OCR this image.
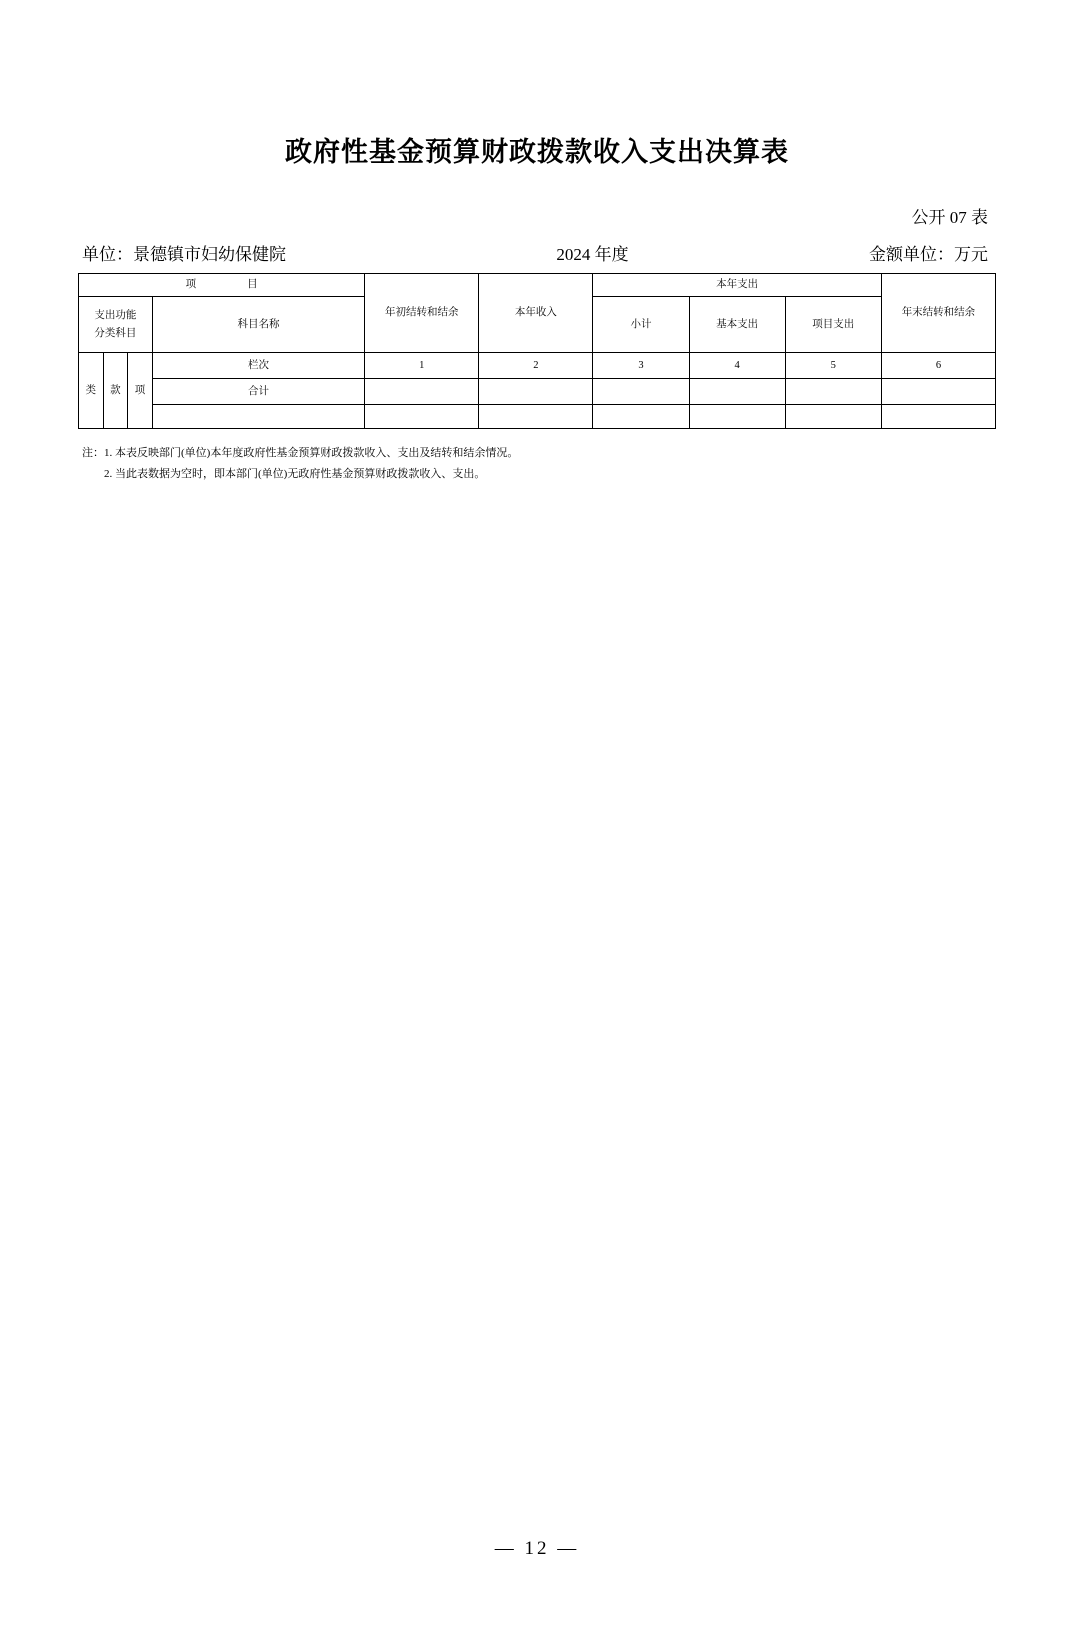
政府性基金预算财政拨款收入支出决算表
公开 07 表
单位：景德镇市妇幼保健院	2024 年度	金额单位：万元
项　　目				年初结转和结余	本年收入	本年支出			年末结转和结余

支出功能
分类科目			科目名称			小计	基本支出	项目支出	
类	款	项	栏次	1	2	3	4	5	6
			合计						

注：1. 本表反映部门(单位)本年度政府性基金预算财政拨款收入、支出及结转和结余情况。

2. 当此表数据为空时，即本部门(单位)无政府性基金预算财政拨款收入、支出。

— 12 —
